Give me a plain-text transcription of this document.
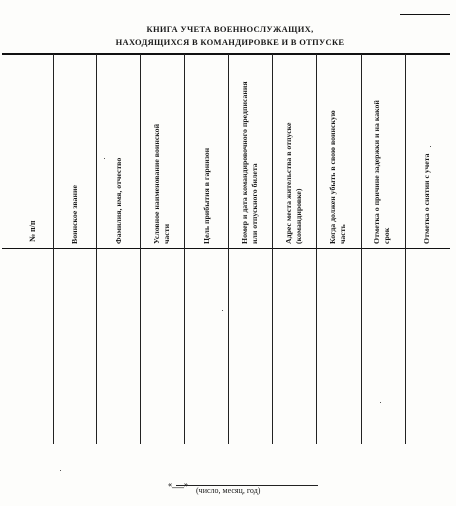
КНИГА УЧЕТА ВОЕННОСЛУЖАЩИХ,
НАХОДЯЩИХСЯ В КОМАНДИРОВКЕ И В ОТПУСКЕ
№ п/п	Воинское звание	Фамилия, имя, отчество	Условное наименование воинской части	Цель прибытия в гарнизон	Номер и дата командировочного предписания или отпускного билета	Адрес места жительства в отпуске (командировке)	Когда должен убыть в свою воинскую часть	Отметка о причине задержки и на какой срок	Отметка о снятии с учета
«___»
(число, месяц, год)
